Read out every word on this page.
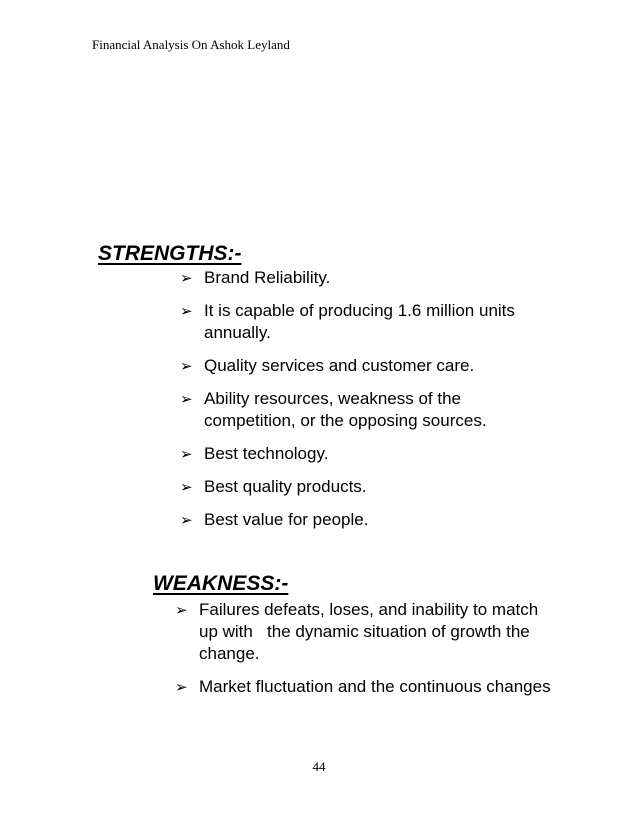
Financial Analysis On Ashok Leyland
STRENGTHS:-
➢ Brand Reliability.
➢ It is capable of producing 1.6 million units annually.
➢ Quality services and customer care.
➢ Ability resources, weakness of the competition, or the opposing sources.
➢ Best technology.
➢ Best quality products.
➢ Best value for people.
WEAKNESS:-
➢ Failures defeats, loses, and inability to match up with   the dynamic situation of growth the change.
➢ Market fluctuation and the continuous changes
44
